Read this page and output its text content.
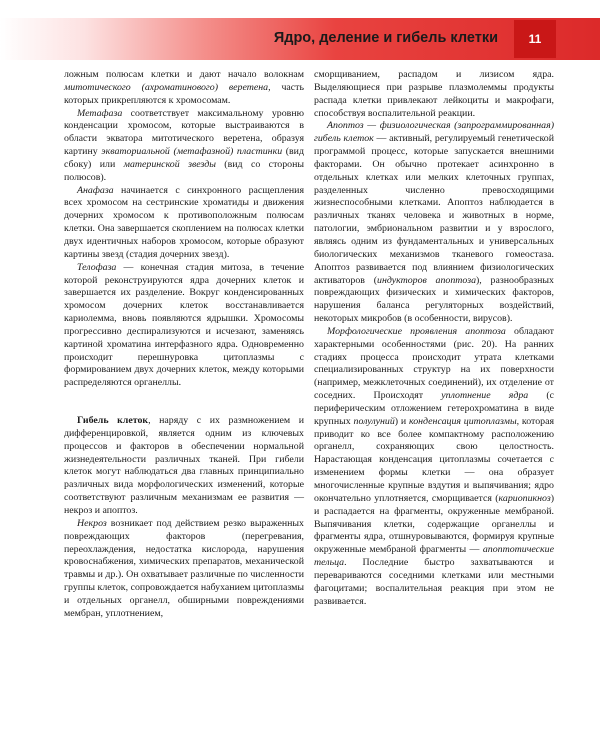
Ядро, деление и гибель клетки	11

ложным полюсам клетки и дают начало волокнам митотического (ахроматинового) веретена, часть которых прикрепляются к хромосомам.

Метафаза соответствует максимальному уровню конденсации хромосом, которые выстраиваются в области экватора митотического веретена, образуя картину экваториальной (метафазной) пластинки (вид сбоку) или материнской звезды (вид со стороны полюсов).

Анафаза начинается с синхронного расщепления всех хромосом на сестринские хроматиды и движения дочерних хромосом к противоположным полюсам клетки. Она завершается скоплением на полюсах клетки двух идентичных наборов хромосом, которые образуют картины звезд (стадия дочерних звезд).

Телофаза — конечная стадия митоза, в течение которой реконструируются ядра дочерних клеток и завершается их разделение. Вокруг конденсированных хромосом дочерних клеток восстанавливается кариолемма, вновь появляются ядрышки. Хромосомы прогрессивно деспирализуются и исчезают, заменяясь картиной хроматина интерфазного ядра. Одновременно происходит перешнуровка цитоплазмы с формированием двух дочерних клеток, между которыми распределяются органеллы.

Гибель клеток, наряду с их размножением и дифференцировкой, является одним из ключевых процессов и факторов в обеспечении нормальной жизнедеятельности различных тканей. При гибели клеток могут наблюдаться два главных принципиально различных вида морфологических изменений, которые соответствуют различным механизмам ее развития — некроз и апоптоз.

Некроз возникает под действием резко выраженных повреждающих факторов (перегревания, переохлаждения, недостатка кислорода, нарушения кровоснабжения, химических препаратов, механической травмы и др.). Он охватывает различные по численности группы клеток, сопровождается набуханием цитоплазмы и отдельных органелл, обширными повреждениями мембран, уплотнением,

сморщиванием, распадом и лизисом ядра. Выделяющиеся при разрыве плазмолеммы продукты распада клетки привлекают лейкоциты и макрофаги, способствуя воспалительной реакции.

Апоптоз — физиологическая (запрограммированная) гибель клеток — активный, регулируемый генетической программой процесс, которые запускается внешними факторами. Он обычно протекает асинхронно в отдельных клетках или мелких клеточных группах, разделенных численно превосходящими жизнеспособными клетками. Апоптоз наблюдается в различных тканях человека и животных в норме, патологии, эмбриональном развитии и у взрослого, являясь одним из фундаментальных и универсальных биологических механизмов тканевого гомеостаза. Апоптоз развивается под влиянием физиологических активаторов (индукторов апоптоза), разнообразных повреждающих физических и химических факторов, нарушения баланса регуляторных воздействий, некоторых микробов (в особенности, вирусов).

Морфологические проявления апоптоза обладают характерными особенностями (рис. 20). На ранних стадиях процесса происходит утрата клетками специализированных структур на их поверхности (например, межклеточных соединений), их отделение от соседних. Происходят уплотнение ядра (с периферическим отложением гетерохроматина в виде крупных полулуний) и конденсация цитоплазмы, которая приводит ко все более компактному расположению органелл, сохраняющих свою целостность. Нарастающая конденсация цитоплазмы сочетается с изменением формы клетки — она образует многочисленные крупные вздутия и выпячивания; ядро окончательно уплотняется, сморщивается (кариопикноз) и распадается на фрагменты, окруженные мембраной. Выпячивания клетки, содержащие органеллы и фрагменты ядра, отшнуровываются, формируя крупные окруженные мембраной фрагменты — апоптотические тельца. Последние быстро захватываются и перевариваются соседними клетками или местными фагоцитами; воспалительная реакция при этом не развивается.
